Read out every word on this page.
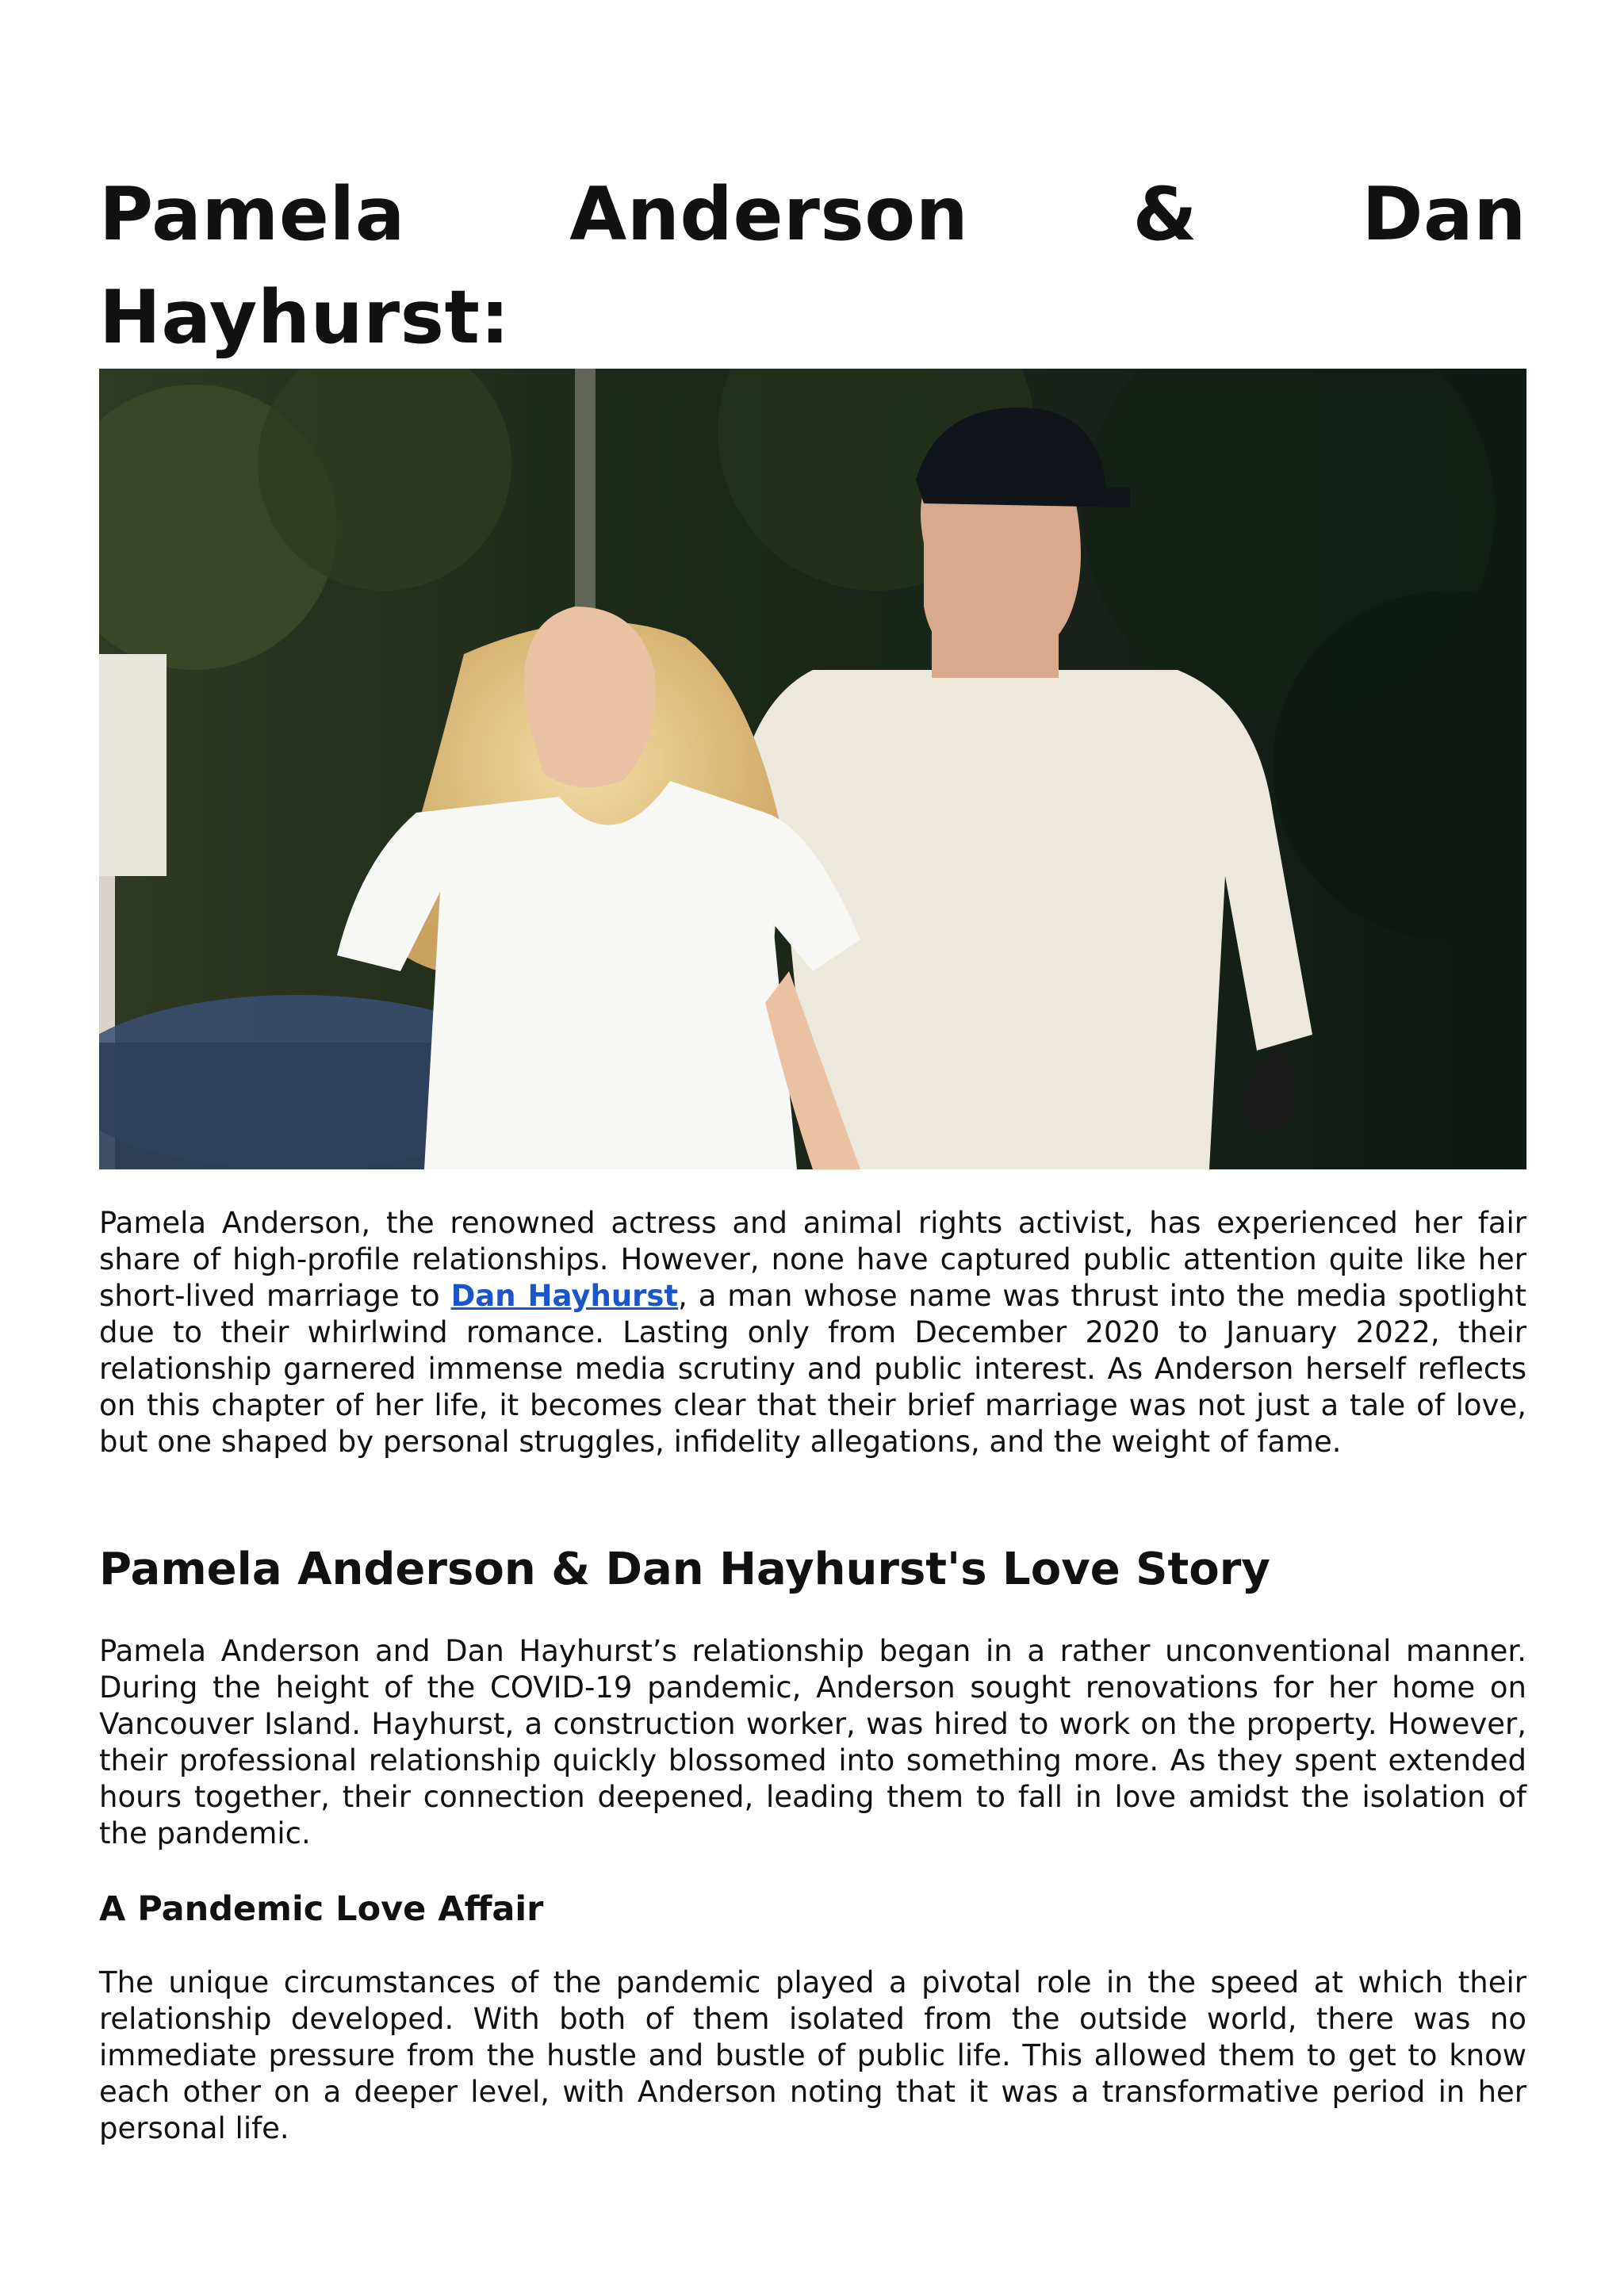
Pamela Anderson & Dan Hayhurst:

Pamela Anderson, the renowned actress and animal rights activist, has experienced her fair share of high-profile relationships. However, none have captured public attention quite like her short-lived marriage to Dan Hayhurst, a man whose name was thrust into the media spotlight due to their whirlwind romance. Lasting only from December 2020 to January 2022, their relationship garnered immense media scrutiny and public interest. As Anderson herself reflects on this chapter of her life, it becomes clear that their brief marriage was not just a tale of love, but one shaped by personal struggles, infidelity allegations, and the weight of fame.

Pamela Anderson & Dan Hayhurst's Love Story

Pamela Anderson and Dan Hayhurst’s relationship began in a rather unconventional manner. During the height of the COVID-19 pandemic, Anderson sought renovations for her home on Vancouver Island. Hayhurst, a construction worker, was hired to work on the property. However, their professional relationship quickly blossomed into something more. As they spent extended hours together, their connection deepened, leading them to fall in love amidst the isolation of the pandemic.

A Pandemic Love Affair

The unique circumstances of the pandemic played a pivotal role in the speed at which their relationship developed. With both of them isolated from the outside world, there was no immediate pressure from the hustle and bustle of public life. This allowed them to get to know each other on a deeper level, with Anderson noting that it was a transformative period in her personal life.
